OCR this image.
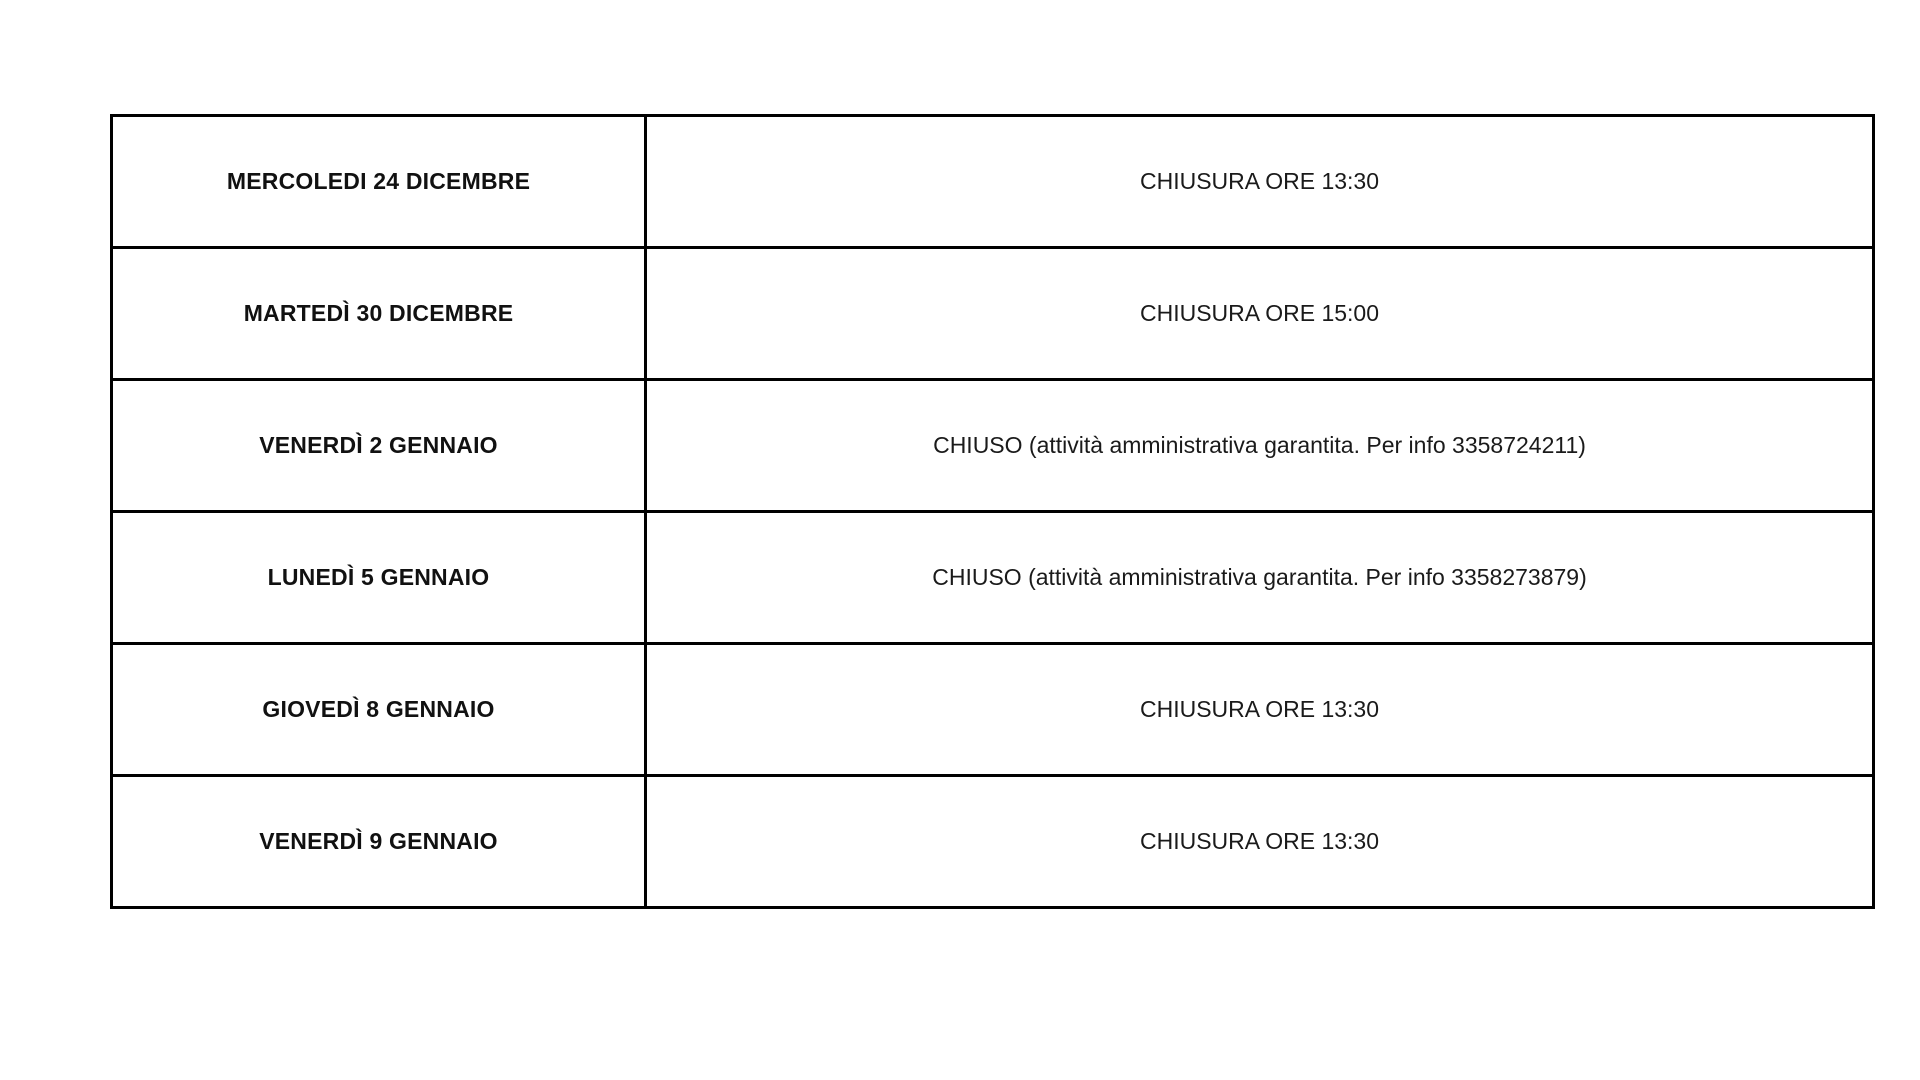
MERCOLEDI 24 DICEMBRE	CHIUSURA ORE 13:30
MARTEDÌ 30 DICEMBRE	CHIUSURA ORE 15:00
VENERDÌ 2 GENNAIO	CHIUSO (attività amministrativa garantita. Per info 3358724211)
LUNEDÌ 5 GENNAIO	CHIUSO (attività amministrativa garantita. Per info 3358273879)
GIOVEDÌ 8 GENNAIO	CHIUSURA ORE 13:30
VENERDÌ 9 GENNAIO	CHIUSURA ORE 13:30
